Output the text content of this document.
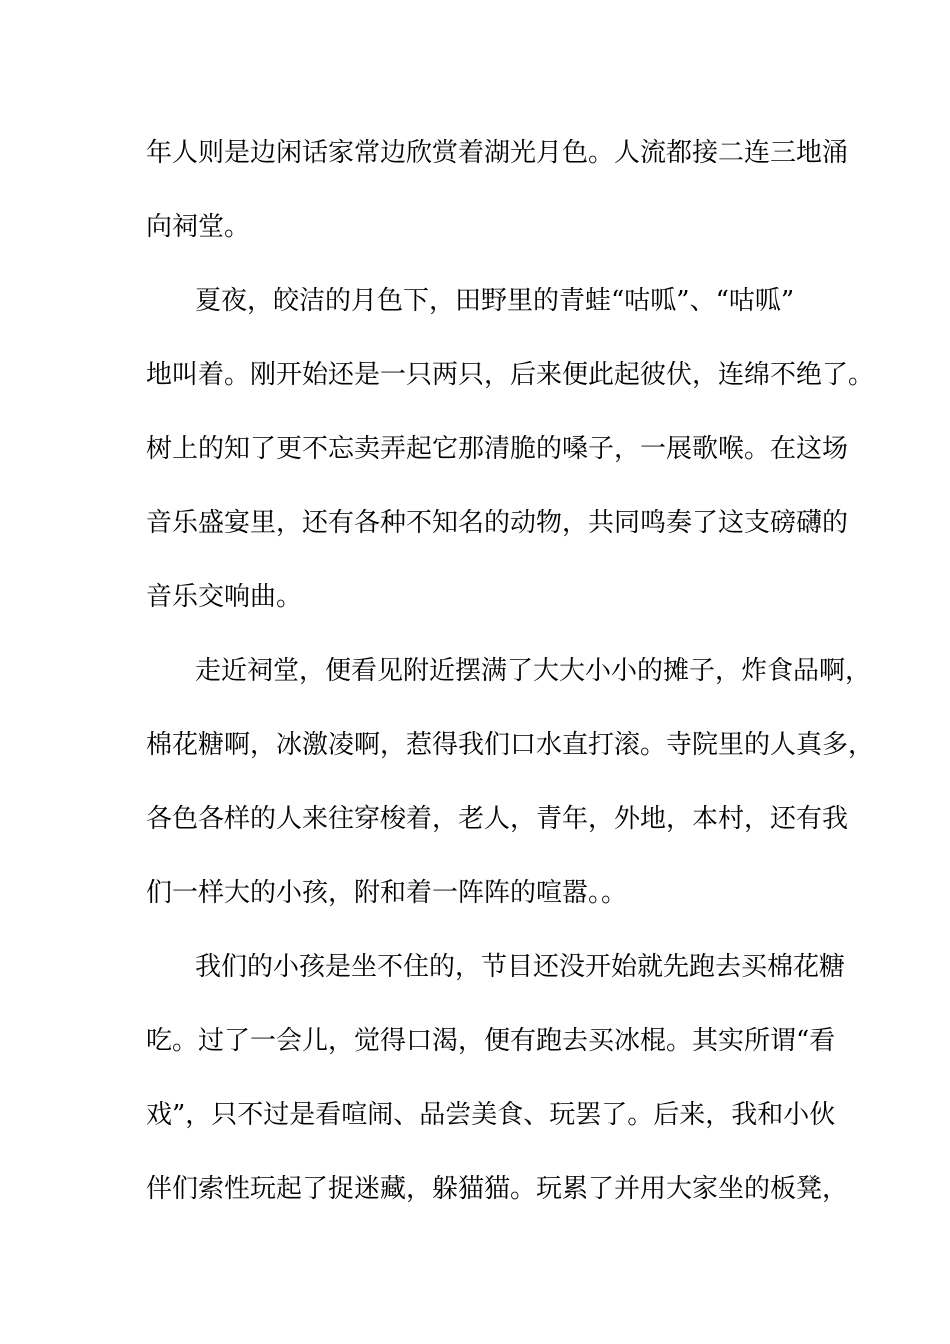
年人则是边闲话家常边欣赏着湖光月色。人流都接二连三地涌
向祠堂。
夏夜，皎洁的月色下，田野里的青蛙“咕呱”、“咕呱”
地叫着。刚开始还是一只两只，后来便此起彼伏，连绵不绝了。
树上的知了更不忘卖弄起它那清脆的嗓子，一展歌喉。在这场
音乐盛宴里，还有各种不知名的动物，共同鸣奏了这支磅礴的
音乐交响曲。
走近祠堂，便看见附近摆满了大大小小的摊子，炸食品啊，
棉花糖啊，冰激凌啊，惹得我们口水直打滚。寺院里的人真多，
各色各样的人来往穿梭着，老人，青年，外地，本村，还有我
们一样大的小孩，附和着一阵阵的喧嚣。。
我们的小孩是坐不住的，节目还没开始就先跑去买棉花糖
吃。过了一会儿，觉得口渴，便有跑去买冰棍。其实所谓“看
戏”，只不过是看喧闹、品尝美食、玩罢了。后来，我和小伙
伴们索性玩起了捉迷藏，躲猫猫。玩累了并用大家坐的板凳，
